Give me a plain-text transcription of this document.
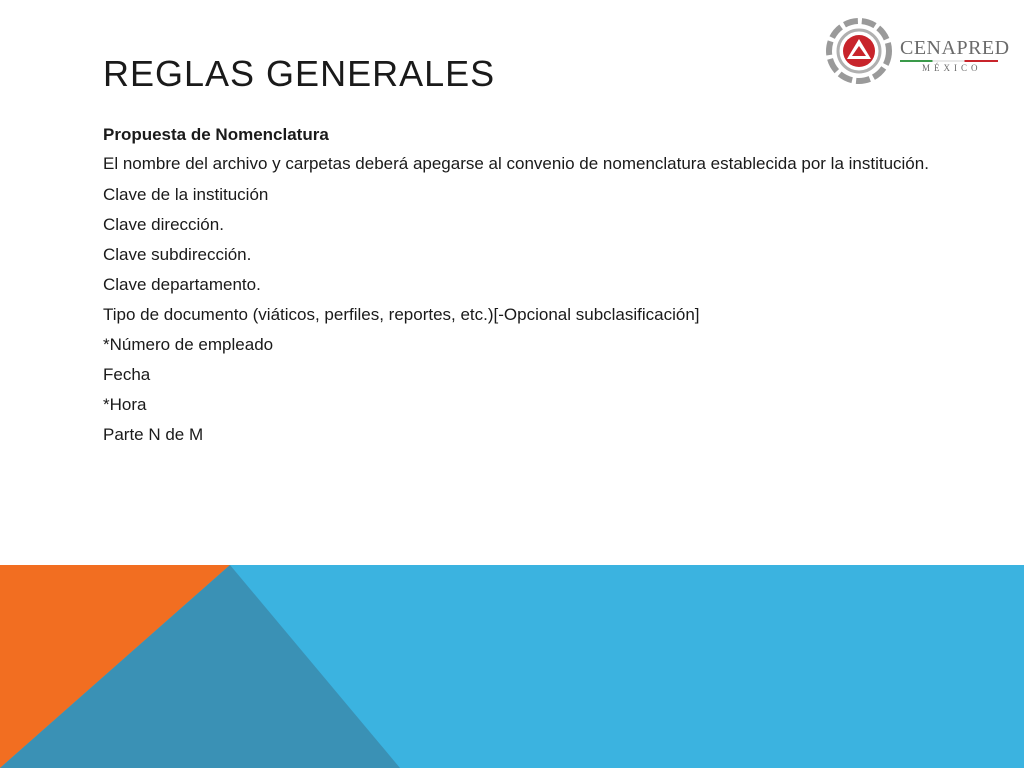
REGLAS GENERALES
CENAPRED
MÉXICO

Propuesta de Nomenclatura

El nombre del archivo y carpetas deberá apegarse al convenio de nomenclatura establecida por la institución.

Clave de la institución

Clave dirección.

Clave subdirección.

Clave departamento.

Tipo de documento (viáticos, perfiles, reportes, etc.)[-Opcional subclasificación]

*Número de empleado

Fecha

*Hora

Parte N de M
